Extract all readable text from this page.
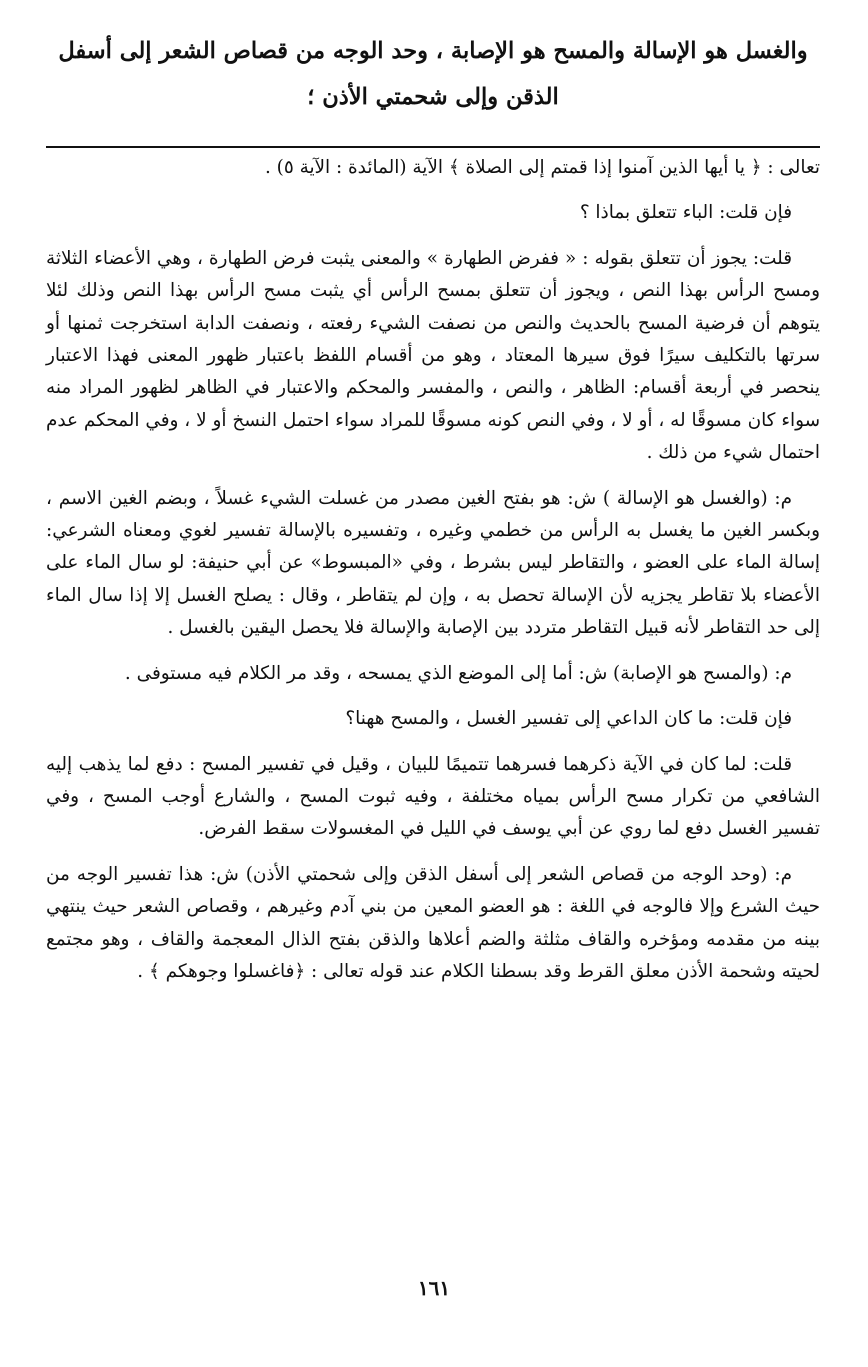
والغسل هو الإسالة والمسح هو الإصابة ، وحد الوجه من قصاص الشعر إلى أسفل الذقن وإلى شحمتي الأذن ؛

تعالى : ﴿ يا أيها الذين آمنوا إذا قمتم إلى الصلاة ﴾ الآية (المائدة : الآية ٥) .

فإن قلت: الباء تتعلق بماذا ؟

قلت: يجوز أن تتعلق بقوله : « ففرض الطهارة » والمعنى يثبت فرض الطهارة ، وهي الأعضاء الثلاثة ومسح الرأس بهذا النص ، ويجوز أن تتعلق بمسح الرأس أي يثبت مسح الرأس بهذا النص وذلك لئلا يتوهم أن فرضية المسح بالحديث والنص من نصفت الشيء رفعته ، ونصفت الدابة استخرجت ثمنها أو سرتها بالتكليف سيرًا فوق سيرها المعتاد ، وهو من أقسام اللفظ باعتبار ظهور المعنى فهذا الاعتبار ينحصر في أربعة أقسام: الظاهر ، والنص ، والمفسر والمحكم والاعتبار في الظاهر لظهور المراد منه سواء كان مسوقًا له ، أو لا ، وفي النص كونه مسوقًا للمراد سواء احتمل النسخ أو لا ، وفي المحكم عدم احتمال شيء من ذلك .

م: (والغسل هو الإسالة ) ش: هو بفتح الغين مصدر من غسلت الشيء غسلاً ، وبضم الغين الاسم ، وبكسر الغين ما يغسل به الرأس من خطمي وغيره ، وتفسيره بالإسالة تفسير لغوي ومعناه الشرعي: إسالة الماء على العضو ، والتقاطر ليس بشرط ، وفي «المبسوط» عن أبي حنيفة: لو سال الماء على الأعضاء بلا تقاطر يجزيه لأن الإسالة تحصل به ، وإن لم يتقاطر ، وقال : يصلح الغسل إلا إذا سال الماء إلى حد التقاطر لأنه قبيل التقاطر متردد بين الإصابة والإسالة فلا يحصل اليقين بالغسل .

م: (والمسح هو الإصابة) ش: أما إلى الموضع الذي يمسحه ، وقد مر الكلام فيه مستوفى .

فإن قلت: ما كان الداعي إلى تفسير الغسل ، والمسح ههنا؟

قلت: لما كان في الآية ذكرهما فسرهما تتميمًا للبيان ، وقيل في تفسير المسح : دفع لما يذهب إليه الشافعي من تكرار مسح الرأس بمياه مختلفة ، وفيه ثبوت المسح ، والشارع أوجب المسح ، وفي تفسير الغسل دفع لما روي عن أبي يوسف في الليل في المغسولات سقط الفرض.

م: (وحد الوجه من قصاص الشعر إلى أسفل الذقن وإلى شحمتي الأذن) ش: هذا تفسير الوجه من حيث الشرع وإلا فالوجه في اللغة : هو العضو المعين من بني آدم وغيرهم ، وقصاص الشعر حيث ينتهي بينه من مقدمه ومؤخره والقاف مثلثة والضم أعلاها والذقن بفتح الذال المعجمة والقاف ، وهو مجتمع لحيته وشحمة الأذن معلق القرط وقد بسطنا الكلام عند قوله تعالى : ﴿فاغسلوا وجوهكم ﴾ .

١٦١
